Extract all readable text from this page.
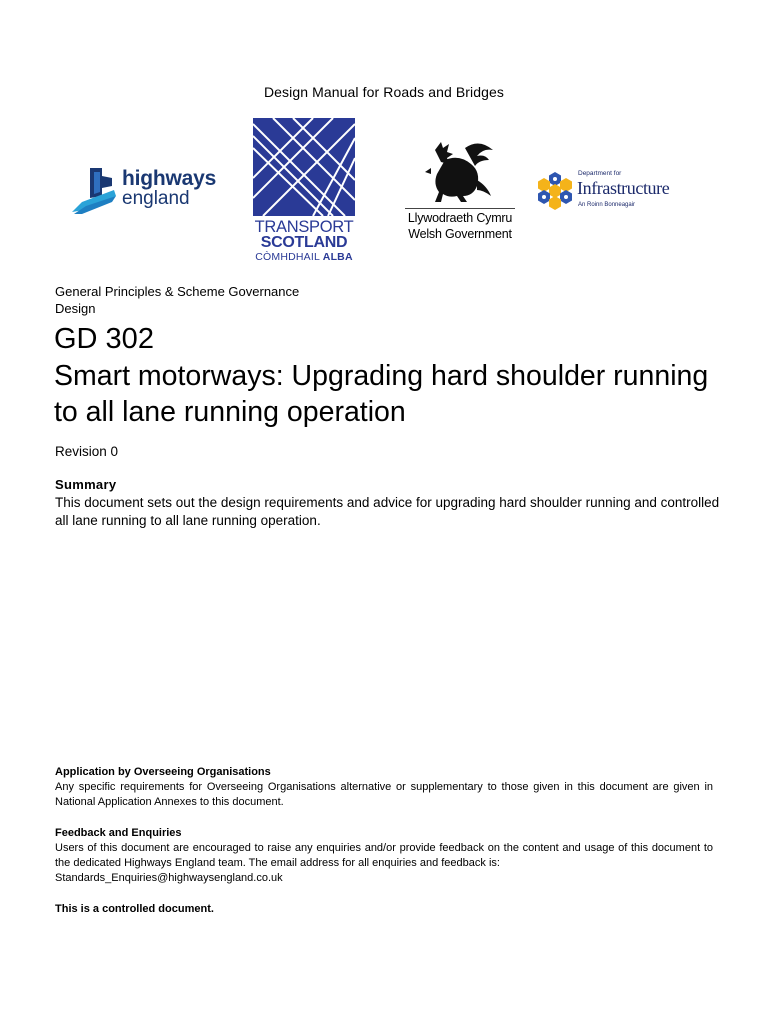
Design Manual for Roads and Bridges
highways
england
TRANSPORT
SCOTLAND
CÒMHDHAIL ALBA
Llywodraeth Cymru
Welsh Government
Department for
Infrastructure
An Roinn Bonneagair
General Principles & Scheme Governance
Design
GD 302
Smart motorways: Upgrading hard shoulder running to all lane running operation
Revision 0
Summary
This document sets out the design requirements and advice for upgrading hard shoulder running and controlled all lane running to all lane running operation.
Application by Overseeing Organisations
Any specific requirements for Overseeing Organisations alternative or supplementary to those given in this document are given in National Application Annexes to this document.
Feedback and Enquiries
Users of this document are encouraged to raise any enquiries and/or provide feedback on the content and usage of this document to the dedicated Highways England team. The email address for all enquiries and feedback is:
Standards_Enquiries@highwaysengland.co.uk
This is a controlled document.
